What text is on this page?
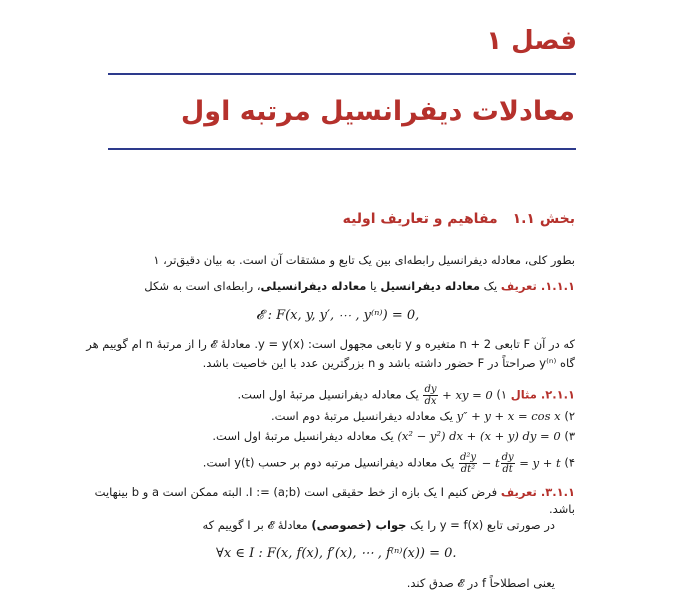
فصل ۱
معادلات دیفرانسیل مرتبه اول
بخش ۱.۱ مفاهیم و تعاریف اولیه
بطور کلی، معادله دیفرانسیل رابطه‌ای بین یک تابع و مشتقات آن است. به بیان دقیق‌تر، ۱
۱.۱.۱. تعریف یک معادله دیفرانسیل یا معادله دیفرانسیلی، رابطه‌ای است به شکل
𝓔 : F(x, y, y′, ⋯ , y⁽ⁿ⁾) = 0,
که در آن F تابعی n + 2 متغیره و y تابعی مجهول است: y = y(x). معادلهٔ 𝓔 را از مرتبهٔ n ام گوییم هر
گاه y⁽ⁿ⁾ صراحتاً در F حضور داشته باشد و n بزرگترین عدد با این خاصیت باشد.
۲.۱.۱. مثال ۱)
$\frac{dy}{dx}$ + xy = 0 یک معادله دیفرانسیل مرتبهٔ اول است.
۲) y″ + y + x = cos x یک معادله دیفرانسیل مرتبهٔ دوم است.
۳) (x² − y²) dx + (x + y) dy = 0 یک معادله دیفرانسیل مرتبهٔ اول است.
۴)
$\frac{\text{d²y}}{\text{dt²}} - t \frac{dy}{dt} = y + t$ یک معادله دیفرانسیل مرتبه دوم بر حسب y(t) است.
۳.۱.۱. تعریف فرض کنیم I یک بازه از خط حقیقی است I := (a;b). البته ممکن است a و b بینهایت
باشد.
در صورتی تابع y = f(x) را یک جواب (خصوصی) معادلهٔ 𝓔 بر I گوییم که
∀x ∈ I : F(x, f(x), f′(x), ⋯ , f⁽ⁿ⁾(x)) = 0.
یعنی اصطلاحاً f در 𝓔 صدق کند.
